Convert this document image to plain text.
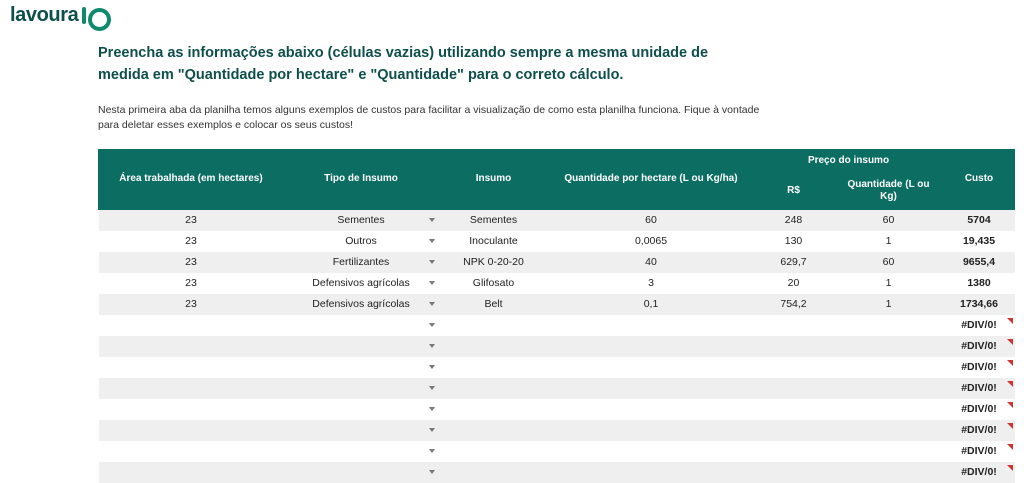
lavoura

Preencha as informações abaixo (células vazias) utilizando sempre a mesma unidade de medida em "Quantidade por hectare" e "Quantidade" para o correto cálculo.

Nesta primeira aba da planilha temos alguns exemplos de custos para facilitar a visualização de como esta planilha funciona. Fique à vontade para deletar esses exemplos e colocar os seus custos!

Área trabalhada (em hectares)	Tipo de Insumo	Insumo	Quantidade por hectare (L ou Kg/ha)	Preço do insumo		Custo
				R$	Quantidade (L ou Kg)	
23	Sementes	Sementes	60	248	60	5704
23	Outros	Inoculante	0,0065	130	1	19,435
23	Fertilizantes	NPK 0-20-20	40	629,7	60	9655,4
23	Defensivos agrícolas	Glifosato	3	20	1	1380
23	Defensivos agrícolas	Belt	0,1	754,2	1	1734,66

					#DIV/0!

					#DIV/0!

					#DIV/0!

					#DIV/0!

					#DIV/0!

					#DIV/0!

					#DIV/0!

					#DIV/0!
